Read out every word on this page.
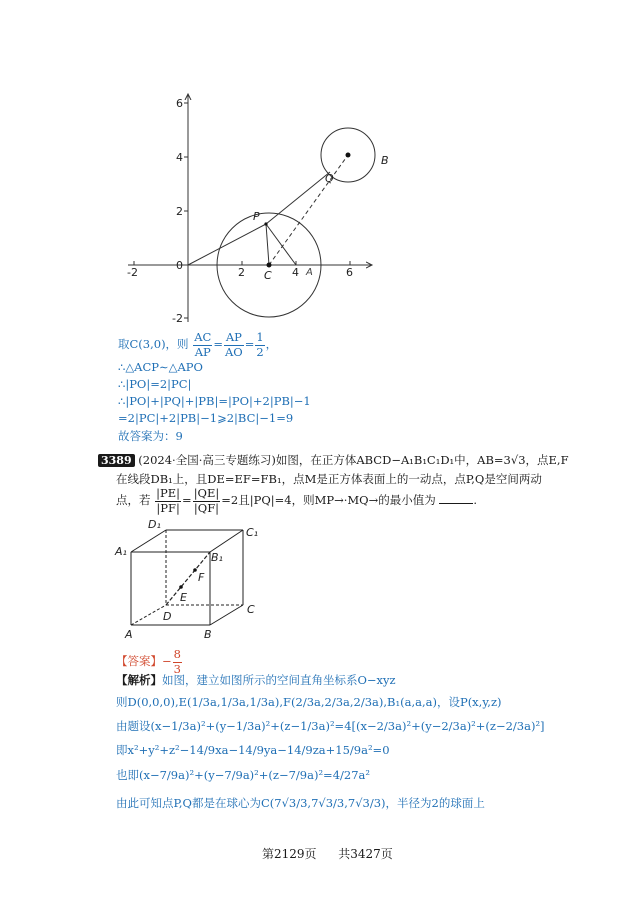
6
4
2
0
-2
-2	2	4	6
P
C	A
Q
B
取C(3,0)，则 $\frac{AC}{AP} = \frac{AP}{AO} = \frac{1}{2}$ ，
∴△ACP∼△APO
∴|PO|=2|PC|
∴|PO|+|PQ|+|PB|=|PO|+2|PB|−1
=2|PC|+2|PB|−1⩾2|BC|−1=9
故答案为：9
3389 (2024·全国·高三专题练习)如图，在正方体ABCD−A₁B₁C₁D₁中，AB=3√3，点E,F
在线段DB₁上，且DE=EF=FB₁，点M是正方体表面上的一动点，点P,Q是空间两动
点，若 $\frac{|PE|}{|PF|} = \frac{|QE|}{|QF|} =2$且|PQ|=4，则MP→·MQ→的最小值为	.
D₁
C₁
A₁	B₁
F
E
D
C
A	B
【答案】− $\frac{8}{3}$
【解析】如图，建立如图所示的空间直角坐标系O−xyz
则D(0,0,0),E(1/3a,1/3a,1/3a),F(2/3a,2/3a,2/3a),B₁(a,a,a)，设P(x,y,z)
由题设(x−1/3a)²+(y−1/3a)²+(z−1/3a)²=4[(x−2/3a)²+(y−2/3a)²+(z−2/3a)²]
即x²+y²+z²−14/9xa−14/9ya−14/9za+15/9a²=0
也即(x−7/9a)²+(y−7/9a)²+(z−7/9a)²=4/27a²
由此可知点P,Q都是在球心为C(7√3/3,7√3/3,7√3/3)，半径为2的球面上
第2129页 共3427页
